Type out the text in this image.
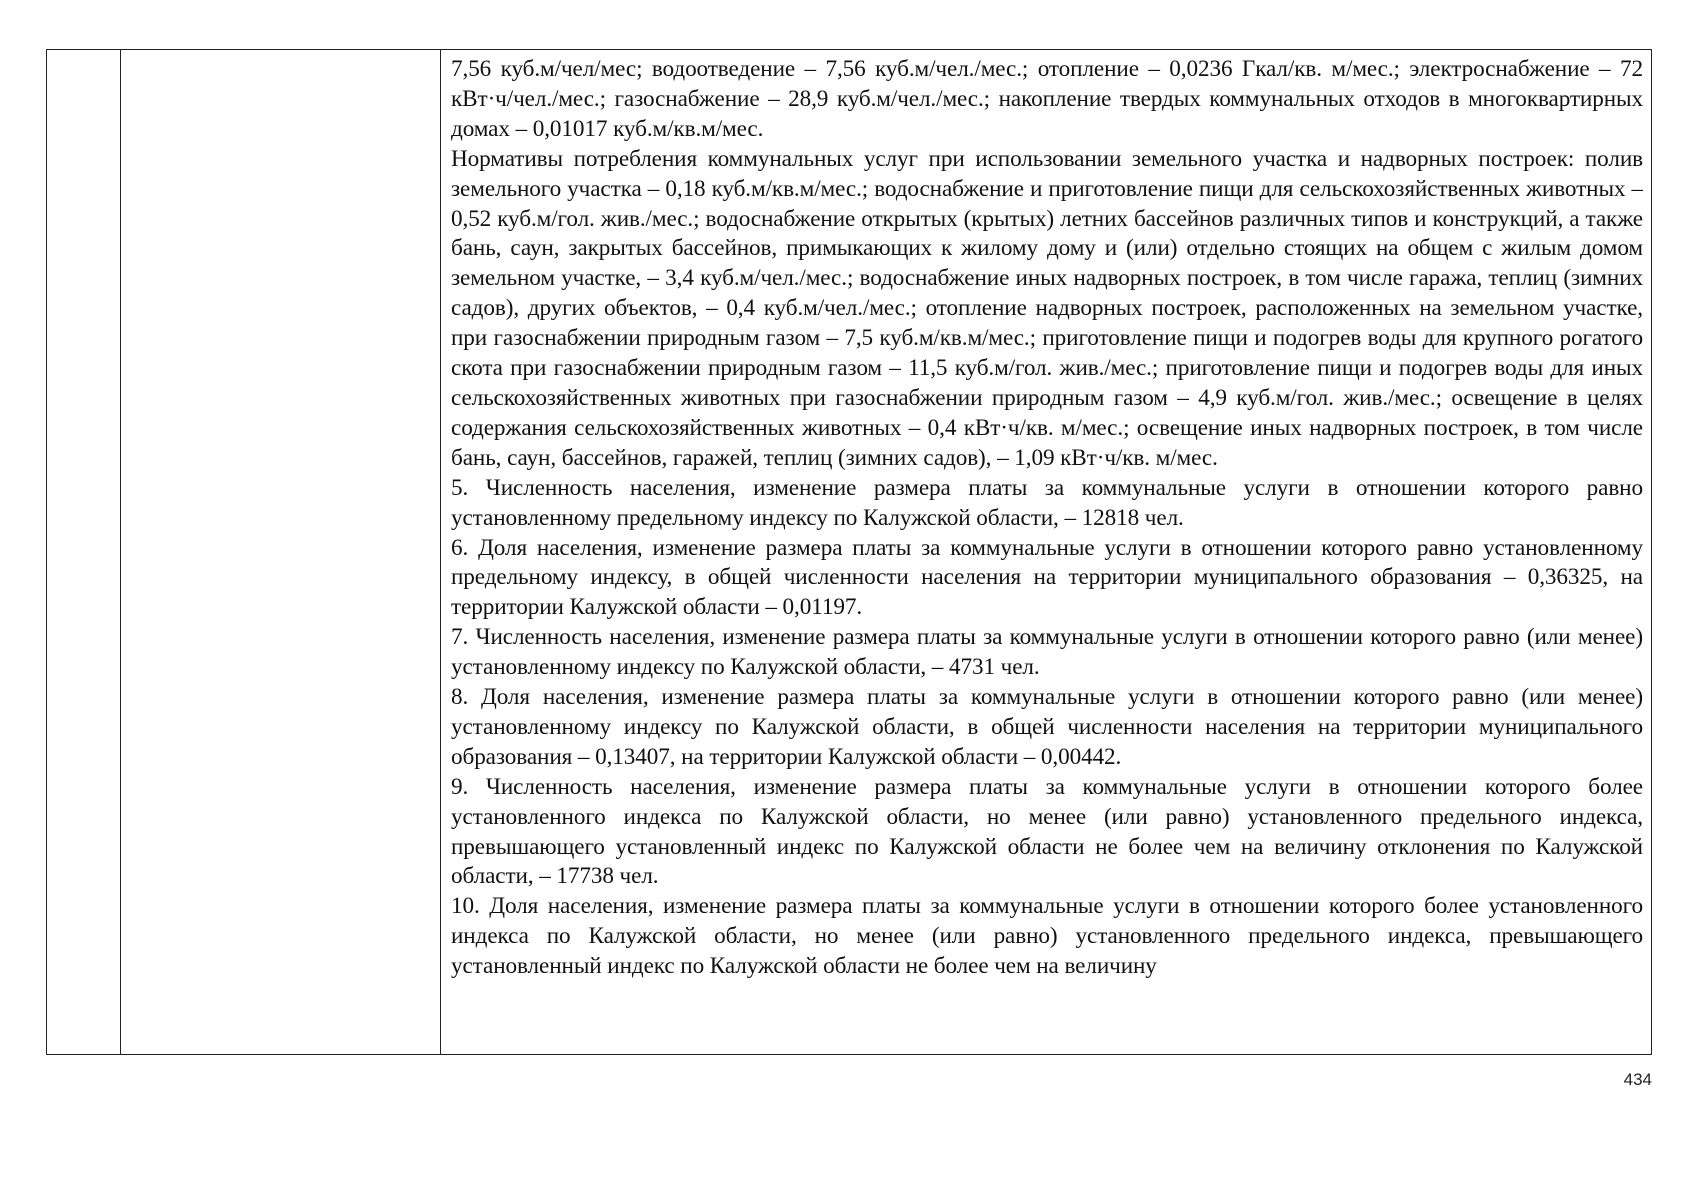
7,56 куб.м/чел/мес; водоотведение – 7,56 куб.м/чел./мес.; отопление – 0,0236 Гкал/кв. м/мес.; электроснабжение – 72 кВт·ч/чел./мес.; газоснабжение – 28,9 куб.м/чел./мес.; накопление твердых коммунальных отходов в многоквартирных домах – 0,01017 куб.м/кв.м/мес.

Нормативы потребления коммунальных услуг при использовании земельного участка и надворных построек: полив земельного участка – 0,18 куб.м/кв.м/мес.; водоснабжение и приготовление пищи для сельскохозяйственных животных – 0,52 куб.м/гол. жив./мес.; водоснабжение открытых (крытых) летних бассейнов различных типов и конструкций, а также бань, саун, закрытых бассейнов, примыкающих к жилому дому и (или) отдельно стоящих на общем с жилым домом земельном участке, – 3,4 куб.м/чел./мес.; водоснабжение иных надворных построек, в том числе гаража, теплиц (зимних садов), других объектов, – 0,4 куб.м/чел./мес.; отопление надворных построек, расположенных на земельном участке, при газоснабжении природным газом – 7,5 куб.м/кв.м/мес.; приготовление пищи и подогрев воды для крупного рогатого скота при газоснабжении природным газом – 11,5 куб.м/гол. жив./мес.; приготовление пищи и подогрев воды для иных сельскохозяйственных животных при газоснабжении природным газом – 4,9 куб.м/гол. жив./мес.; освещение в целях содержания сельскохозяйственных животных – 0,4 кВт·ч/кв. м/мес.; освещение иных надворных построек, в том числе бань, саун, бассейнов, гаражей, теплиц (зимних садов), – 1,09 кВт·ч/кв. м/мес.

5. Численность населения, изменение размера платы за коммунальные услуги в отношении которого равно установленному предельному индексу по Калужской области, – 12818 чел.

6. Доля населения, изменение размера платы за коммунальные услуги в отношении которого равно установленному предельному индексу, в общей численности населения на территории муниципального образования – 0,36325, на территории Калужской области – 0,01197.

7. Численность населения, изменение размера платы за коммунальные услуги в отношении которого равно (или менее) установленному индексу по Калужской области, – 4731 чел.

8. Доля населения, изменение размера платы за коммунальные услуги в отношении которого равно (или менее) установленному индексу по Калужской области, в общей численности населения на территории муниципального образования – 0,13407, на территории Калужской области – 0,00442.

9. Численность населения, изменение размера платы за коммунальные услуги в отношении которого более установленного индекса по Калужской области, но менее (или равно) установленного предельного индекса, превышающего установленный индекс по Калужской области не более чем на величину отклонения по Калужской области, – 17738 чел.

10. Доля населения, изменение размера платы за коммунальные услуги в отношении которого более установленного индекса по Калужской области, но менее (или равно) установленного предельного индекса, превышающего установленный индекс по Калужской области не более чем на величину

434
